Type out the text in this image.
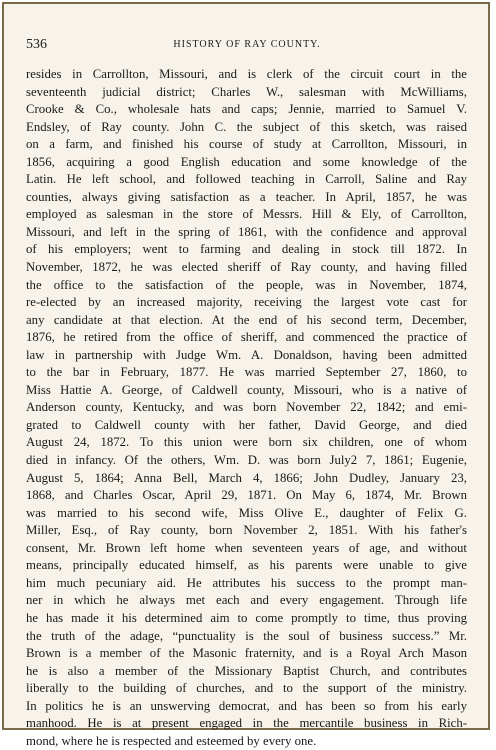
536	HISTORY OF RAY COUNTY.
resides in Carrollton, Missouri, and is clerk of the circuit court in the
seventeenth judicial district; Charles W., salesman with McWilliams,
Crooke & Co., wholesale hats and caps; Jennie, married to Samuel V.
Endsley, of Ray county. John C. the subject of this sketch, was raised
on a farm, and finished his course of study at Carrollton, Missouri, in
1856, acquiring a good English education and some knowledge of the
Latin. He left school, and followed teaching in Carroll, Saline and Ray
counties, always giving satisfaction as a teacher. In April, 1857, he was
employed as salesman in the store of Messrs. Hill & Ely, of Carrollton,
Missouri, and left in the spring of 1861, with the confidence and approval
of his employers; went to farming and dealing in stock till 1872. In
November, 1872, he was elected sheriff of Ray county, and having filled
the office to the satisfaction of the people, was in November, 1874,
re-elected by an increased majority, receiving the largest vote cast for
any candidate at that election. At the end of his second term, December,
1876, he retired from the office of sheriff, and commenced the practice of
law in partnership with Judge Wm. A. Donaldson, having been admitted
to the bar in February, 1877. He was married September 27, 1860, to
Miss Hattie A. George, of Caldwell county, Missouri, who is a native of
Anderson county, Kentucky, and was born November 22, 1842; and emi-
grated to Caldwell county with her father, David George, and died
August 24, 1872. To this union were born six children, one of whom
died in infancy. Of the others, Wm. D. was born July2 7, 1861; Eugenie,
August 5, 1864; Anna Bell, March 4, 1866; John Dudley, January 23,
1868, and Charles Oscar, April 29, 1871. On May 6, 1874, Mr. Brown
was married to his second wife, Miss Olive E., daughter of Felix G.
Miller, Esq., of Ray county, born November 2, 1851. With his father's
consent, Mr. Brown left home when seventeen years of age, and without
means, principally educated himself, as his parents were unable to give
him much pecuniary aid. He attributes his success to the prompt man-
ner in which he always met each and every engagement. Through life
he has made it his determined aim to come promptly to time, thus proving
the truth of the adage, “punctuality is the soul of business success.” Mr.
Brown is a member of the Masonic fraternity, and is a Royal Arch Mason
he is also a member of the Missionary Baptist Church, and contributes
liberally to the building of churches, and to the support of the ministry.
In politics he is an unswerving democrat, and has been so from his early
manhood. He is at present engaged in the mercantile business in Rich-
mond, where he is respected and esteemed by every one.
